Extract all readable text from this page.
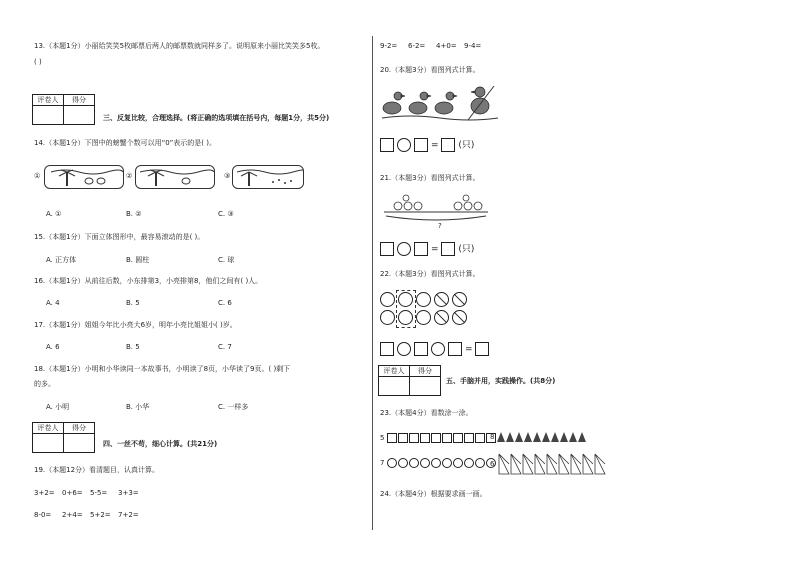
13.（本题1分）小丽给笑笑5枚邮票后两人的邮票数就同样多了。说明原来小丽比笑笑多5枚。
( )
评卷人	得分

三、反复比较，合理选择。(将正确的选项填在括号内，每题1分，共5分)
14.（本题1分）下图中的螃蟹个数可以用“0”表示的是( )。
①	②	③
A. ①	B. ②	C. ③
15.（本题1分）下面立体图形中，最容易滚动的是( )。
A. 正方体	B. 圆柱	C. 球
16.（本题1分）从前往后数，小东排第3，小亮排第8，他们之间有( )人。
A. 4	B. 5	C. 6
17.（本题1分）姐姐今年比小亮大6岁，明年小亮比姐姐小( )岁。
A. 6	B. 5	C. 7
18.（本题1分）小明和小华读同一本故事书，小明读了8页，小华读了9页。( )剩下
的多。
A. 小明	B. 小华	C. 一样多
评卷人	得分

四、一丝不苟，细心计算。(共21分)
19.（本题12分）看清题目，认真计算。
3+2= 0+6= 5-5= 3+3=
8-0= 2+4= 5+2= 7+2=
9-2= 6-2= 4+0= 9-4=
20.（本题3分）看图列式计算。
= (只)
21.（本题3分）看图列式计算。
?
= (只)
22.（本题3分）看图列式计算。
=
评卷人	得分

五、手脑并用，实践操作。(共8分)
23.（本题4分）看数涂一涂。
5	8
7	6
24.（本题4分）根据要求画一画。
